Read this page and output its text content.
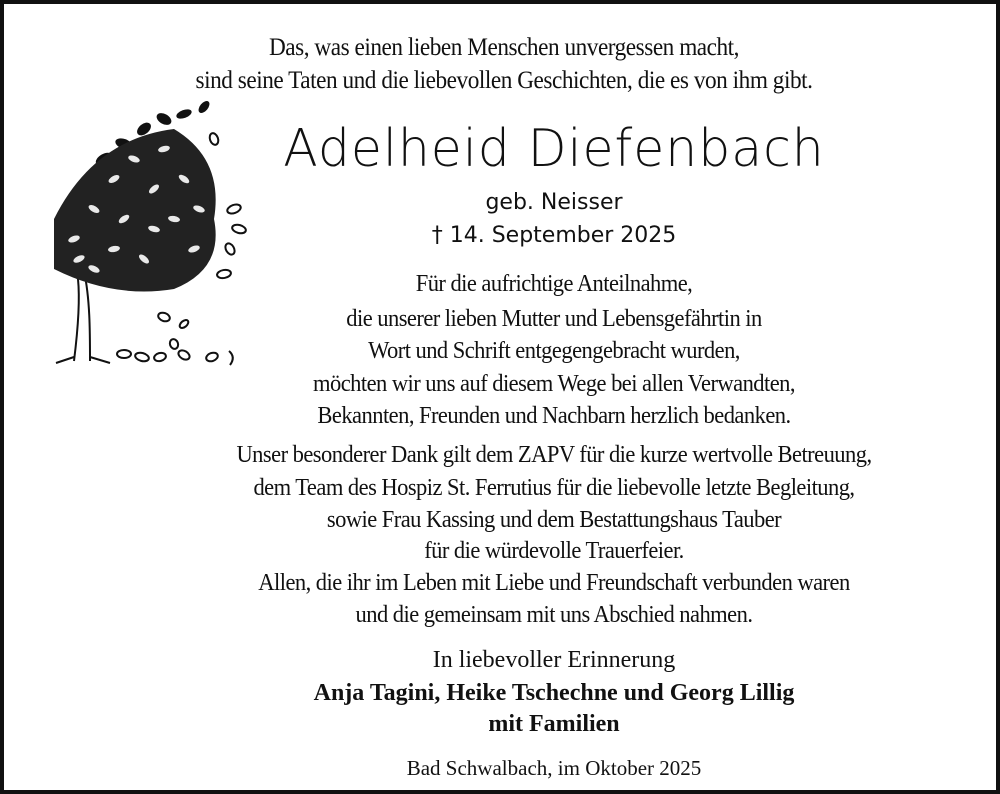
Das, was einen lieben Menschen unvergessen macht,
sind seine Taten und die liebevollen Geschichten, die es von ihm gibt.
Adelheid Diefenbach
geb. Neisser
† 14. September 2025
Für die aufrichtige Anteilnahme,
die unserer lieben Mutter und Lebensgefährtin in
Wort und Schrift entgegengebracht wurden,
möchten wir uns auf diesem Wege bei allen Verwandten,
Bekannten, Freunden und Nachbarn herzlich bedanken.
Unser besonderer Dank gilt dem ZAPV für die kurze wertvolle Betreuung,
dem Team des Hospiz St. Ferrutius für die liebevolle letzte Begleitung,
sowie Frau Kassing und dem Bestattungshaus Tauber
für die würdevolle Trauerfeier.
Allen, die ihr im Leben mit Liebe und Freundschaft verbunden waren
und die gemeinsam mit uns Abschied nahmen.
In liebevoller Erinnerung
Anja Tagini, Heike Tschechne und Georg Lillig
mit Familien
Bad Schwalbach, im Oktober 2025
